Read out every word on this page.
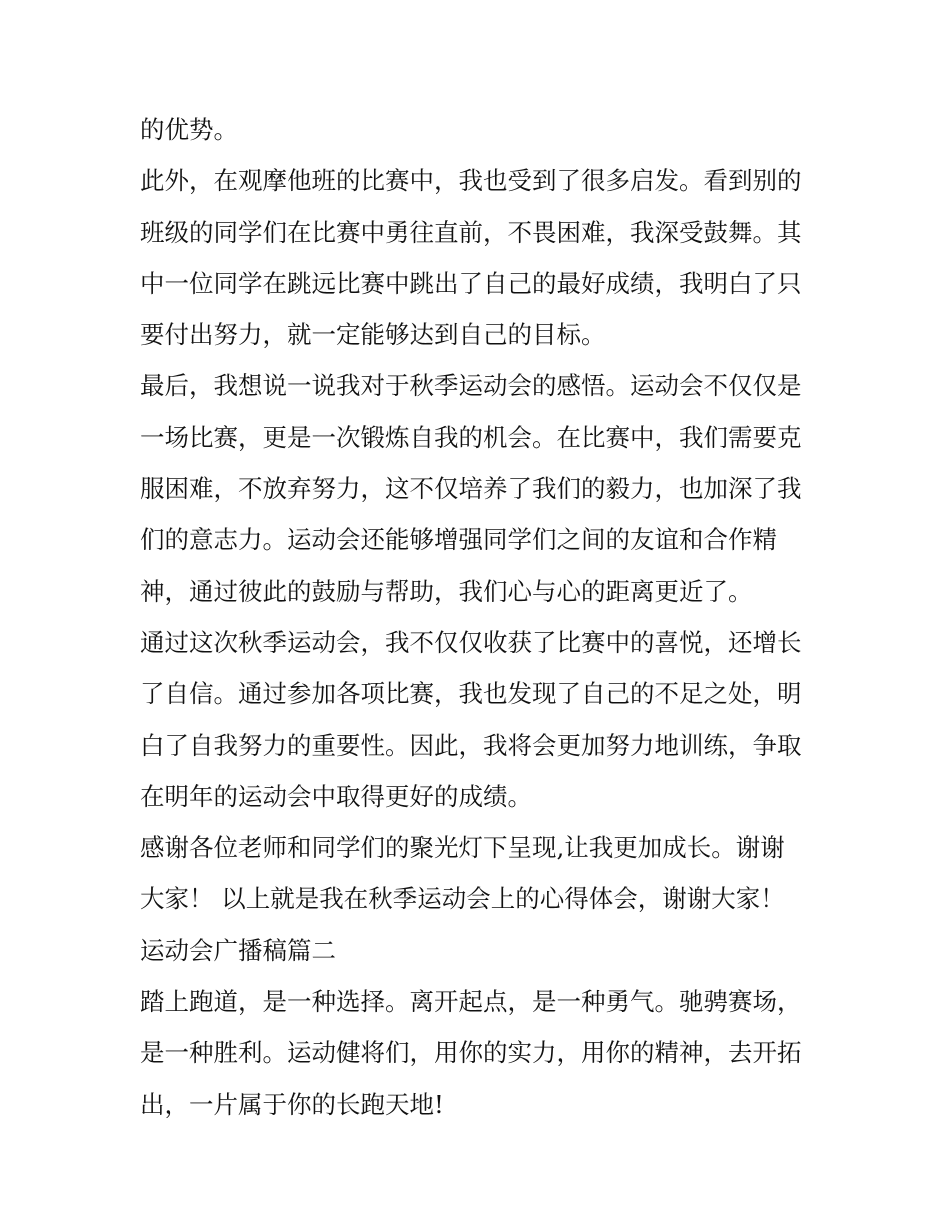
的优势。
此外，在观摩他班的比赛中，我也受到了很多启发。看到别的
班级的同学们在比赛中勇往直前，不畏困难，我深受鼓舞。其
中一位同学在跳远比赛中跳出了自己的最好成绩，我明白了只
要付出努力，就一定能够达到自己的目标。
最后，我想说一说我对于秋季运动会的感悟。运动会不仅仅是
一场比赛，更是一次锻炼自我的机会。在比赛中，我们需要克
服困难，不放弃努力，这不仅培养了我们的毅力，也加深了我
们的意志力。运动会还能够增强同学们之间的友谊和合作精
神，通过彼此的鼓励与帮助，我们心与心的距离更近了。
通过这次秋季运动会，我不仅仅收获了比赛中的喜悦，还增长
了自信。通过参加各项比赛，我也发现了自己的不足之处，明
白了自我努力的重要性。因此，我将会更加努力地训练，争取
在明年的运动会中取得更好的成绩。
感谢各位老师和同学们的聚光灯下呈现,让我更加成长。谢谢
大家！ 以上就是我在秋季运动会上的心得体会，谢谢大家！
运动会广播稿篇二
踏上跑道，是一种选择。离开起点，是一种勇气。驰骋赛场，
是一种胜利。运动健将们，用你的实力，用你的精神，去开拓
出，一片属于你的长跑天地!
